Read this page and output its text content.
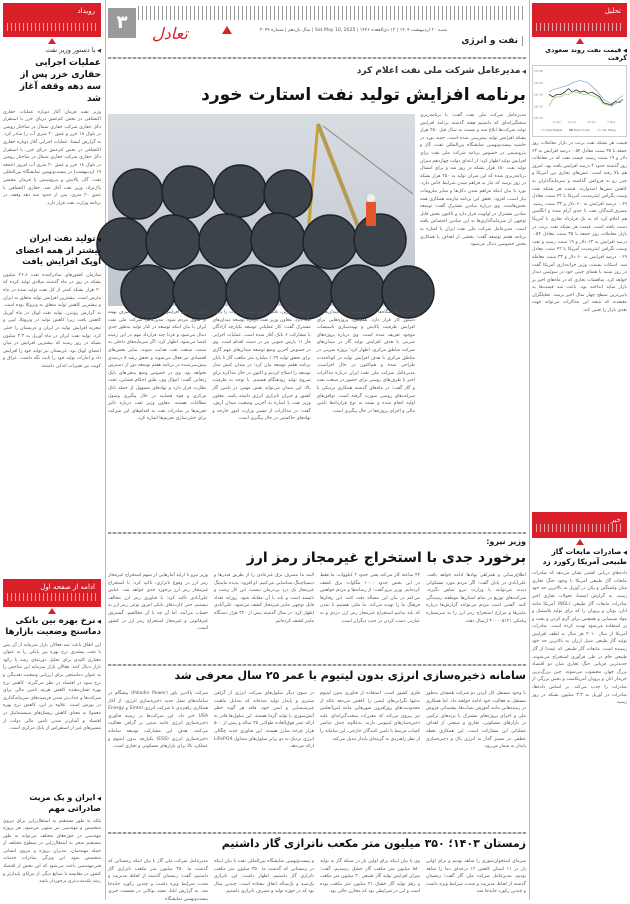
۳
تعادل	شنبه ۲۰ اردیبهشت ۱۴۰۴ | ۱۲ ذی‌القعده ۱۴۴۶ | Sat.May 10, 2025 | سال یازدهم | شماره ۳۰۷۹
نفت و انرژی
◀ مدیرعامل شرکت ملی نفت اعلام کرد
برنامه افزایش تولید نفت استارت خورد
مدیرعامل شرکت ملی نفت گفت: با برنامه‌ریزی سختگیرانه‌ای که داشتیم هفته گذشته برنامه افزایش تولید شرکت‌ها ابلاغ شد و نسبت به سال قبل ۲۵۰ هزار بشکه افزایش تولید پیش‌بینی شده است. حمید بورد در حاشیه بیست‌ونهمین نمایشگاه بین‌المللی نفت، گاز و پتروشیمی در خصوص برنامه شرکت ملی نفت برای افزایش تولید اظهار کرد: از ابتدای دولت چهاردهم میزان تولید نفت ۱۵۰ هزار بشکه در روز شد و برای امسال برنامه‌ریزی شده که این میزان تولید به ۲۵۰ هزار بشکه در روز برسد که نیاز به فراهم شدن شرایط خاص دارد. بورد با بیان اینکه فراهم شدن دکل‌ها و سایر ملزومات نیاز است، افزود: تحقق این برنامه نیازمند همکاری همه بخش‌هاست. وی درباره میادین مشترک گفت: توسعه میادین مشترک در اولویت قرار دارد و تاکنون بخش قابل توجهی از سرمایه‌گذاری‌ها به این میادین اختصاص یافته است. مدیرعامل شرکت ملی نفت ایران با اشاره به برنامه هفتم توسعه گفت: بخشی از اهداف با همکاری بخش خصوصی دنبال می‌شود.
خوراک پالایشگاه‌ها نیز به‌وسیله این میدان‌ها در دستور کار قرار دارد. همچنین، پروژه‌هایی برای افزایش ظرفیت پالایش و بهینه‌سازی تاسیسات موجود تعریف شده است. وی درباره پروژه‌های ضربتی با هدف افزایش تولید گاز در میدان‌های شرکت مناطق مرکزی، اظهار کرد: پروژه ضربتی در مناطق مرکزی با هدف افزایش تولید در کوتاه‌مدت طراحی شده و هم‌اکنون در حال اجراست. مدیرعامل شرکت ملی نفت ایران درباره مذاکرات اخیر با طرف‌های روسی برای حضور در صنعت نفت و گاز گفت: در ماه‌های گذشته همکاری نزدیکی با شرکت‌های روسی صورت گرفته است. توافق‌های اولیه انجام شده و بسته به نوع قرارداد‌ها تامین مالی و اجرای پروژه‌ها در حال پیگیری است.
دریایی جایگزین، تلاش کرده است صادرات را پایدار نگه دارد. معاون وزیر نفت درباره توسعه میدان‌های مشترک گفت: کار عملیاتی توسعه یکپارچه آزادگان با مشارکت ۶ بانک آغاز شده است. عملیات اجرایی فاز ۱۱ پارس جنوبی نیز در دست اقدام است. وی در خصوص آخرین وضع توسعه میدان‌های مهم گازی برای تحقق تولید ۱.۲۹ میلیارد متر مکعب گاز تا پایان برنامه هفتم توسعه بیان کرد: در میدان کیش مدل توسعه را اصلاح کردیم و اکنون در حال مذاکره برای شروع تولید زودهنگام هستیم. با توجه به ظرفیت بالا، این میدان می‌تواند نقش مهمی در تامین گاز کشور و جبران ناترازی انرژی داشته باشد. معاون وزیر نفت با اشاره به آخرین وضعیت میدان آرش، گفت: در مذاکرات از مسیر وزارت امور خارجه و نهادهای حاکمیتی در حال پیگیری است.
تاکید می‌کنیم افزایش تولید نباید مانع مصرف بهینه از سوی مردم شود. مدیرعامل شرکت ملی نفت ایران با بیان اینکه توسعه در کنار تولید به‌طور جدی دنبال می‌شود و فردا چند قرارداد مهم در این زمینه امضا می‌شود، اظهار کرد: اگر سرمایه‌های داخلی به سمت صنعت نفت هدایت شوند، سایر بخش‌های اقتصادی نیز فعال می‌شوند و تحقق رشد ۸ درصدی پیش‌بینی‌شده در برنامه هفتم توسعه دور از دسترس نخواهد بود. وی در خصوص وضع بدهی‌های بابک زنجانی گفت: اموال وی، طبق احکام قضایی، تحت نظارت قرار دارد و نهادهای مسوول از جمله بانک مرکزی و قوه قضاییه در حال پیگیری وصول مطالبات هستند. معاون وزیر نفت درباره تاثیر تحریم‌ها بر صادرات نفت به اقدام‌های این شرکت برای خنثی‌سازی تحریم‌ها اشاره کرد.
وزیر نیرو:
برخورد جدی با استخراج غیرمجاز رمز ارز
اطلاع‌رسانی و همراهی نهادها ادامه خواهد یافت. علی‌آبادی در پایان گفت: اگر مردم مورد مشکوکی دیدند می‌توانند با وزارت نیرو تماس بگیرند. شرکت‌های توزیع در تمام استان‌ها موظفند رسیدگی کنند. گفتنی است مردم می‌توانند گزارش‌ها درباره ماینرها و مزارع استخراج رمز ارز را به سرشماره پیامکی ۳۰۰۰۰۵۱۲۱ ارسال دهند.
۲۴ ساعته کار می‌کند یعنی حدود ۲ کیلووات. ما فقط در این بخش حدود ۱۰۰۰ مگاوات برق کشف کرده‌ایم. وزیر نیرو گفت: از رسانه‌ها و مردم خواهش می‌کنم در بیان این مساله دقت کنند. این رفتارها فرهنگ ما را تهدید می‌کند. ما ملتی هستیم با تمدن که باید بدانیم استخراج غیرمجاز رمز ارز، دزدی و به عبارتی دست کردن در جیب دیگران است.
البته ما مصرف برق غیرعادی را از طریق فیدرها و دیسپاچینگ شناسایی می‌کنیم. او افزود: پدیده ماینینگ غیرمجاز یک درد بی‌درمان نیست. این کار زشت و ناپسند است و باید با آن مقابله شود. روزانه تعداد قابل توجهی ماینر غیرمجاز کشف می‌شود. علی‌آبادی اظهار کرد: در سال گذشته بیش از ۲۲۰ هزار دستگاه ماینر کشف کرده‌ایم.
وزیر نیرو با ارایه آمارهایی از سهم استخراج غیرمجاز رمز ارز در وقوع ناترازی، تاکید کرد: با استخراج غیرمجاز رمز ارز برخورد جدی خواهد شد. عباس علی‌آبادی تاکید کرد: با فناوری رمز ارز مخالف نیستیم، حتی کارت‌های بانکی امروز نوعی رمز ارز به حساب می‌آیند. اما آن چه با آن مخالفیم، گسترش غیرقانونی و غیرمجاز استخراج رمز ارز در کشور است.
سامانه ذخیره‌سازی انرژی بدون لیتیوم با عمر ۲۵ سال معرفی شد
با وجود مستقل کار کردن دو شرکت همچنان به‌طور مستقل به فعالیت خود ادامه خواهند داد. اما همکاری در زمینه‌هایی مانند آموزش نصاب‌ها، پشتیبانی فروش ملی و اجرای پروژه‌های مشترک با برندهای ترکیبی در بازارهای مسکونی، تجاری و صنعتی از اهداف عملیاتی این مشارکت است. این همکاری نقطه عطفی در مسیر گذار به انرژی پاک و ذخیره‌سازی پایدار به شمار می‌رود.
فلزی کشور است. استفاده از فناوری بدون لیتیوم نه‌تنها نگرانی‌های ایمنی را کاهش می‌دهد بلکه از محدودیت‌های روزافزون شهرهایی مانند لس‌آنجلس نیز پیروی می‌کند که مقررات سخت‌گیرانه‌ای علیه ذخیره‌سازهای لیتیومی دارند. به‌علاوه، حذف عناصر کمیاب مرتبط با تامین کنندگان خارجی، این سامانه را از نظر راهبردی به گزینه‌ای پایدار تبدیل می‌کند.
در سوی دیگر سلول‌های شرکت انرژی از گرافن سنتزی و پایدار تولید شده‌اند که به‌دلیل ماهیت غیرشیمیایی و ایمن خود، فاقد هر گونه خطر آتش‌سوزی یا تولید گرما هستند. این سلول‌ها قادر به ارائه عمر فوق‌العاده طولانی ۲۵ ساله و بیش از ۵۰۰ هزار چرخه شارژ هستند. این فناوری جدید چگالی انرژی نزدیک به دو برابر سلول‌های متداول LiFePO4 ارائه می‌دهد.
شرکت پالادین پاور (Paladin Power) پیشگام در سامانه‌های نسل جدید ذخیره‌سازی انرژی، از آغاز همکاری راهبردی با شرکت انرژی Emtel و Energy USA خبر داد. این شرکت‌ها در زمینه فناوری ذخیره‌سازی انرژی جامد مبتنی بر گرافن فعالیت می‌کنند. هدف این مشارکت توسعه سامانه ذخیره‌سازی انرژی (ESS) یکپارچه بدون لیتیوم و عملکرد بالا برای بازارهای مسکونی و تجاری است.
زمستان ۱۴۰۳؛ ۳۵۰ میلیون متر مکعب ناترازی گاز داشتیم
سرمای استخوان‌سوزی را شاهد بودیم و برای اولین بار در ۱۱ استان کاهش ۱۲ درجه‌ای دما را شاهد بودیم. مدیرعامل شرکت ملی گاز گفت: زمستان گذشته از لحاظ مدیریت و شدت شرایط ویژه داشت و چندین رکورد جابه‌جا شد.
وی با بیان اینکه برای اولین بار در شبکه گاز به تولید ۸۸۰ میلیون متر مکعب گاز خشک رسیدیم، گفت: میزان افزایش تولید گاز طبیعی ۳۰ میلیون متر مکعب و رقم تولید گاز خشک ۲۱ میلیون متر مکعب بوده است و این در شرایطی بود که مخازن خالی بود.
و بیست‌ونهمین نمایشگاه بین‌المللی نفت با بیان اینکه در زمستانی که گذشت ما ۳۵۰ میلیون متر مکعب ناترازی گاز داشتیم، اظهار داشت: این ناترازی یک‌شبه و یک‌ساله اتفاق نیفتاده است. چندین سال بود که در حوزه تولید و مصرف ناترازی داشتیم.
مدیرعامل شرکت ملی گاز با بیان اینکه زمستانی که گذشت ما ۳۵۰ میلیون متر مکعب ناترازی گاز داشتیم، گفت: زمستان گذشته از لحاظ مدیریت و شدت شرایط ویژه داشت و چندین رکورد جابه‌جا شد. به گزارش ایلنا، مجید بوکانی در نشست خبری بیست‌ونهمین نمایشگاه
رویداد
◀ با دستور وزیر نفت
عملیات اجرایی حفاری خزر پس از سه دهه وقفه آغاز شد
وزیر نفت فرمان آغاز دوباره عملیات حفاری اکتشافی در بخش کم‌عمق دریای خزر با استقرار دکل حفاری شرکت حفاری شمال در ساختار روشن در بلوک ۱۸ خزر و عمق ۲۰ متری آب را صادر کرد. به گزارش ایسنا، عملیات اجرایی آغاز دوباره حفاری اکتشافی در بخش کم‌عمق دریای خزر، با استقرار دکل حفاری شرکت حفاری شمال در ساختار روشن در بلوک ۱۸ خزر و عمق ۲۰ متری آب امروز (جمعه ۱۹ اردیبهشت) در بیست‌ونهمین نمایشگاه بین‌المللی نفت، گاز، پالایش و پتروشیمی با فرمان محسن پاک‌نژاد، وزیر نفت آغاز شد. حفاری اکتشافی با عمق ۲۰ متری، پس از حدود سه دهه وقفه، در برنامه وزارت نفت قرار دارد.
◀ تولید نفت ایران بیشتر از همه اعضای اوپک افزایش یافت
سازمان کشورهای صادرکننده نفت ۲۶.۶ میلیون بشکه در روز در ماه گذشته میلادی تولید کرده که ۲۰ هزار بشکه کمتر از کل نفت تولید شده در ماه مارس است. بیشترین افزایش تولید متعلق به ایران و بیشترین کاهش تولید متعلق به ونزوئلا بوده است. به گزارش رویترز، تولید نفت اوپک در ماه آوریل کاهش یافت زیرا کاهش تولید در ونزوئلا، لیبی و نیجریه افزایش تولید در ایران و عربستان را خنثی کرد. تولید نفت ایران در ماه آوریل به ۳.۳ میلیون بشکه در روز رسید که بیشترین افزایش در میان اعضای اوپک بود. عربستان نیز تولید خود را افزایش داد و امارات تولید خود را ثابت نگه داشت. عراق و کویت نیز تغییرات اندکی داشتند.
ادامه از صفحه اول
◀ نرخ بهره بین بانکی دماسنج وضعیت بازارها
این اتفاق باعث شد فعالان بازار سرمایه از آن پس با دقت بیشتری نرخ بهره بین بانکی را به عنوان معیاری کلیدی برای تحلیل دورنمای رشد یا رکود بازار دنبال کنند. فعالان بازار سرمایه این شاخص را به عنوان دماسنجی برای ارزیابی وضعیت نقدینگی و نرخ سود در اقتصاد در نظر می‌گیرند. کاهش نرخ بهره نشان‌دهنده کاهش هزینه تامین مالی برای شرکت‌ها و جذاب‌تر شدن فرصت‌های سرمایه‌گذاری در بورس است. علاوه بر این، کاهش نرخ بهره معمولا به معنای کاهش ریسک‌های سیستماتیک در اقتصاد و آسان‌تر شدن تامین مالی دولت از مسیرهای غیر از استقراض از بانک مرکزی است.
◀ ایران و یک مزیت صادراتی مهم
بلکه به طور مستقیم به اشتغال‌زایی برای نیروی متخصص و مهندسی نیز منتهی می‌شود. هر پروژه مهندسی در حوزه‌های مختلف می‌تواند به طور مستقیم منجر به اشتغال‌زایی در سطوح مختلف از جمله مهندسان، مدیران پروژه و نیروی انسانی متخصص شود. این ویژگی صادرات خدمات فنی‌مهندسی باعث می‌شود که این بخش از اقتصاد کشور در مقایسه با صنایع دیگر، از مزایای پایدارتر و رشد بلندمدت‌تری برخوردار باشد.
تحلیل
◀ قیمت نفت روند صعودی گرفت
$55.00
$60.00
$65.00
$70.00
$75.00
14 Apr	21 Apr	28 Apr	5 May
Opec Basket	Brent Crude	Iran Heavy
قیمت هر بشکه نفت برنت در بازار معاملات روز جمعه با ۳۵ سنت معادل ۰.۵۴ درصد افزایش به ۶۳ دلار و ۱۹ سنت رسید. قیمت نفت که در معاملات روز گذشته حدود ۳ درصد افزایش یافته بود، امروز هم بالا رفته است. تنش‌های تجاری بین آمریکا و چین رو به فروکش گذاشته و سرمایه‌گذاران به کاهش تنش‌ها امیدوارند. قیمت هر بشکه نفت وست تگزاس اینترمدیت آمریکا با ۴۲ سنت معادل ۰.۶۹ درصد افزایش به ۶۰ دلار و ۳۳ سنت رسید. مصرف‌کنندگان نفت تا حدی آرام شده و انگلیس هم اعلام کرد که به یک قرارداد تجاری با آمریکا دست یافته است. قیمت هر بشکه نفت برنت در بازار معاملات روز جمعه با ۳۵ سنت معادل ۰.۵۴ درصد افزایش به ۶۳ دلار و ۱۹ سنت رسید و نفت وست تگزاس اینترمدیت آمریکا با ۴۲ سنت معادل ۰.۶۹ درصد افزایش به ۶۰ دلار و ۳۳ سنت معامله شد. اسکات بسنت، وزیر خزانه‌داری آمریکا گفت در روز شنبه با همتای چینی خود در سوئیس دیدار خواهد کرد. مناقشات تجاری که در ماه‌های اخیر بر بازار سایه انداخته بود، باعث شد قیمت‌ها به پایین‌ترین سطح چهار سال اخیر برسد. تحلیلگران معتقدند که نتیجه این مذاکرات می‌تواند جهت بعدی بازار را تعیین کند.
خبر
◀ صادرات مایعات گاز طبیعی آمریکا رکورد زد
داده‌های دریایی کشتی نشان می‌دهد که صادرات مایعات گاز طبیعی آمریکا با وجود جنگ تجاری میان واشنگتن و پکن در آوریل به بالاترین حد خود رسید. به گزارش اینسنا، تحولات تجاری اخیر صادرات مایعات گاز طبیعی (NGL) آمریکا مانند اتان، بوتان و پروپان را که برای تولید پلاستیک و مواد شیمیایی و همچنین برای گرم کردن و پخت و پز استفاده می‌شود تهدید کرده است. صادرات آمریکا از سال ۲۰۱۰ هر سال به لطف افزایش تولید گاز طبیعی شیل ارزان به بالاترین حد خود رسیده است. مایعات گاز طبیعی که عمدتا از گاز طبیعی خام در طی فرآوری استخراج می‌شوند، جدیدترین قربانی جنگ تجاری میان دو اقتصاد بزرگ جهان محسوب می‌شوند. چین بزرگ‌ترین خریدار اتان و پروپان آمریکاست و بخش بزرگی از صادرات را جذب می‌کند. بر اساس داده‌ها، صادرات در آوریل به ۳.۳ میلیون بشکه در روز رسید.
